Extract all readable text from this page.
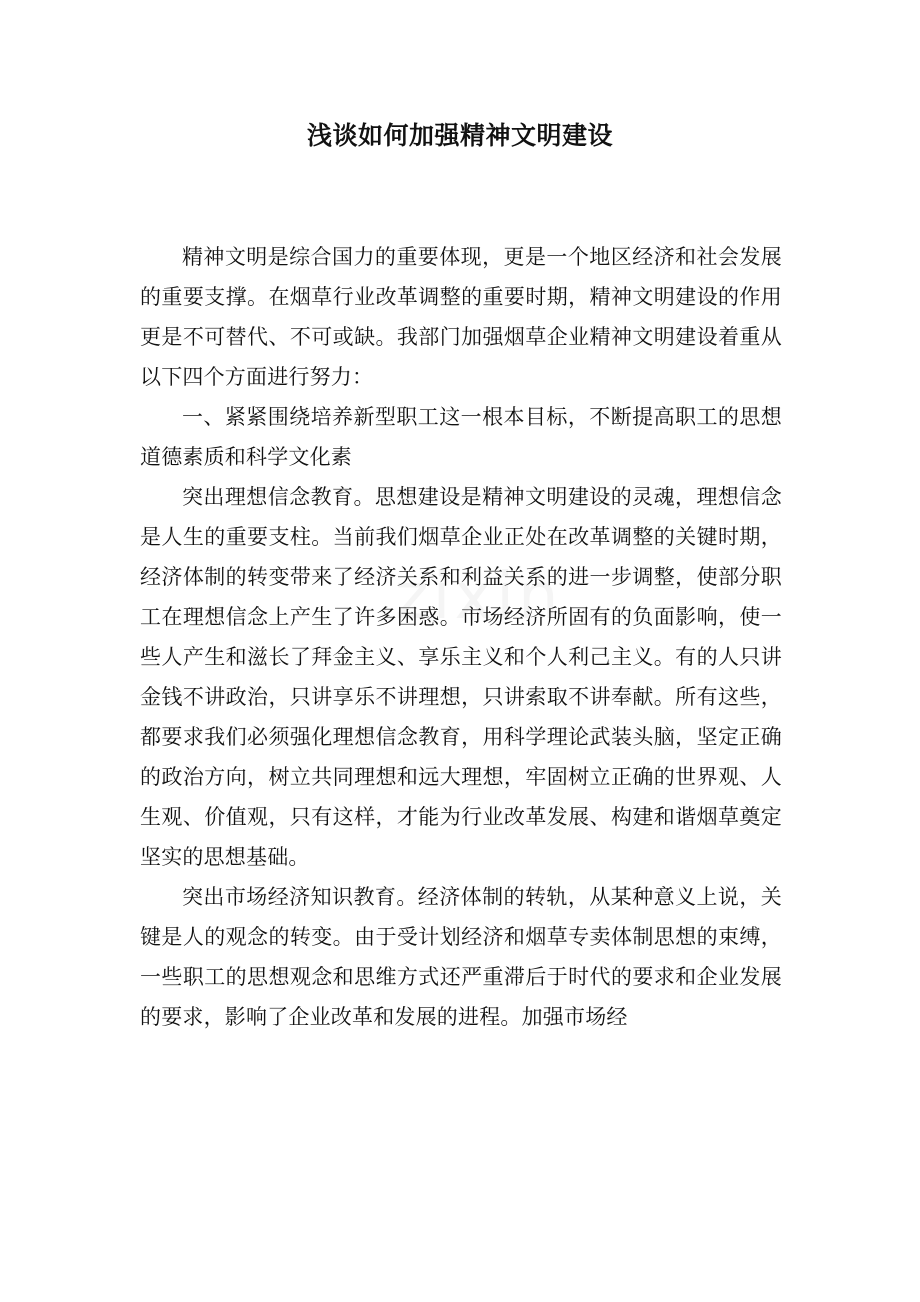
浅谈如何加强精神文明建设

精神文明是综合国力的重要体现，更是一个地区经济和社会发展的重要支撑。在烟草行业改革调整的重要时期，精神文明建设的作用更是不可替代、不可或缺。我部门加强烟草企业精神文明建设着重从以下四个方面进行努力：

一、紧紧围绕培养新型职工这一根本目标，不断提高职工的思想道德素质和科学文化素

突出理想信念教育。思想建设是精神文明建设的灵魂，理想信念是人生的重要支柱。当前我们烟草企业正处在改革调整的关键时期，经济体制的转变带来了经济关系和利益关系的进一步调整，使部分职工在理想信念上产生了许多困惑。市场经济所固有的负面影响，使一些人产生和滋长了拜金主义、享乐主义和个人利己主义。有的人只讲金钱不讲政治，只讲享乐不讲理想，只讲索取不讲奉献。所有这些，都要求我们必须强化理想信念教育，用科学理论武装头脑，坚定正确的政治方向，树立共同理想和远大理想，牢固树立正确的世界观、人生观、价值观，只有这样，才能为行业改革发展、构建和谐烟草奠定坚实的思想基础。

突出市场经济知识教育。经济体制的转轨，从某种意义上说，关键是人的观念的转变。由于受计划经济和烟草专卖体制思想的束缚，一些职工的思想观念和思维方式还严重滞后于时代的要求和企业发展的要求，影响了企业改革和发展的进程。加强市场经
